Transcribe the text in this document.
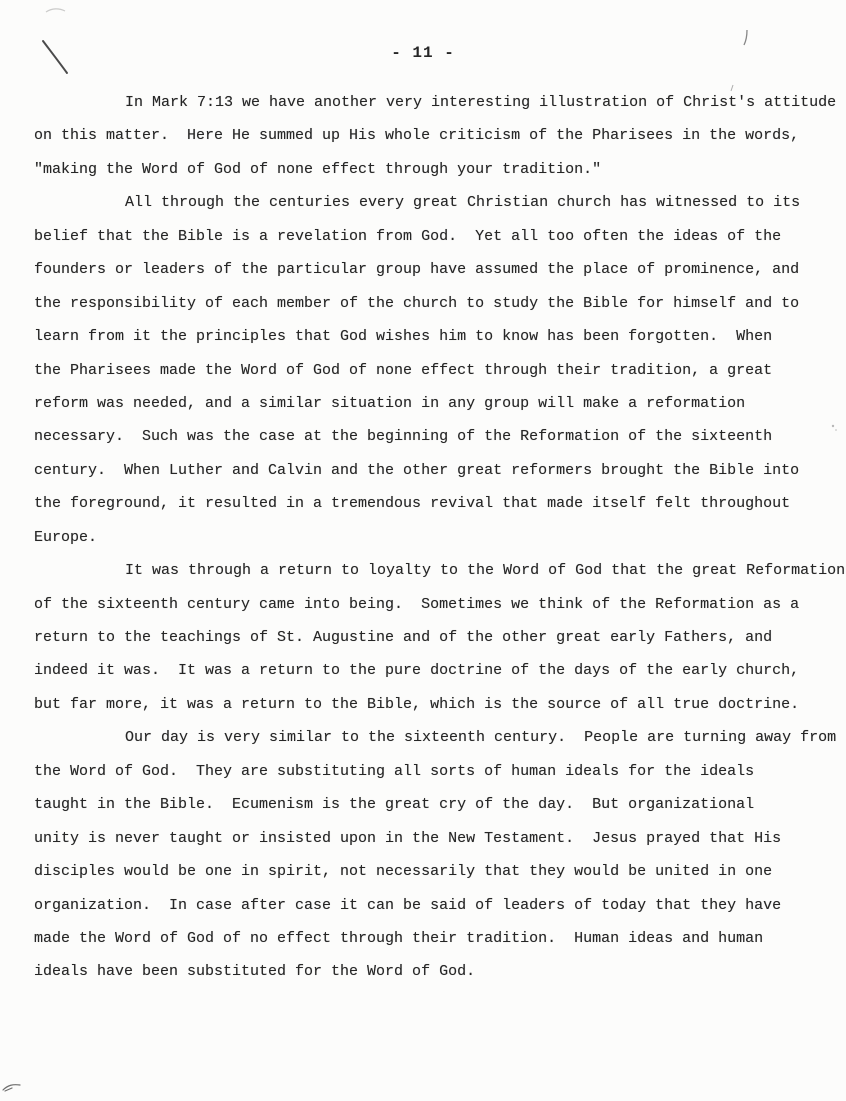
- 11 -
In Mark 7:13 we have another very interesting illustration of Christ's attitude
on this matter.  Here He summed up His whole criticism of the Pharisees in the words,
"making the Word of God of none effect through your tradition."
All through the centuries every great Christian church has witnessed to its
belief that the Bible is a revelation from God.  Yet all too often the ideas of the
founders or leaders of the particular group have assumed the place of prominence, and
the responsibility of each member of the church to study the Bible for himself and to
learn from it the principles that God wishes him to know has been forgotten.  When
the Pharisees made the Word of God of none effect through their tradition, a great
reform was needed, and a similar situation in any group will make a reformation
necessary.  Such was the case at the beginning of the Reformation of the sixteenth
century.  When Luther and Calvin and the other great reformers brought the Bible into
the foreground, it resulted in a tremendous revival that made itself felt throughout
Europe.
It was through a return to loyalty to the Word of God that the great Reformation
of the sixteenth century came into being.  Sometimes we think of the Reformation as a
return to the teachings of St. Augustine and of the other great early Fathers, and
indeed it was.  It was a return to the pure doctrine of the days of the early church,
but far more, it was a return to the Bible, which is the source of all true doctrine.
Our day is very similar to the sixteenth century.  People are turning away from
the Word of God.  They are substituting all sorts of human ideals for the ideals
taught in the Bible.  Ecumenism is the great cry of the day.  But organizational
unity is never taught or insisted upon in the New Testament.  Jesus prayed that His
disciples would be one in spirit, not necessarily that they would be united in one
organization.  In case after case it can be said of leaders of today that they have
made the Word of God of no effect through their tradition.  Human ideas and human
ideals have been substituted for the Word of God.
